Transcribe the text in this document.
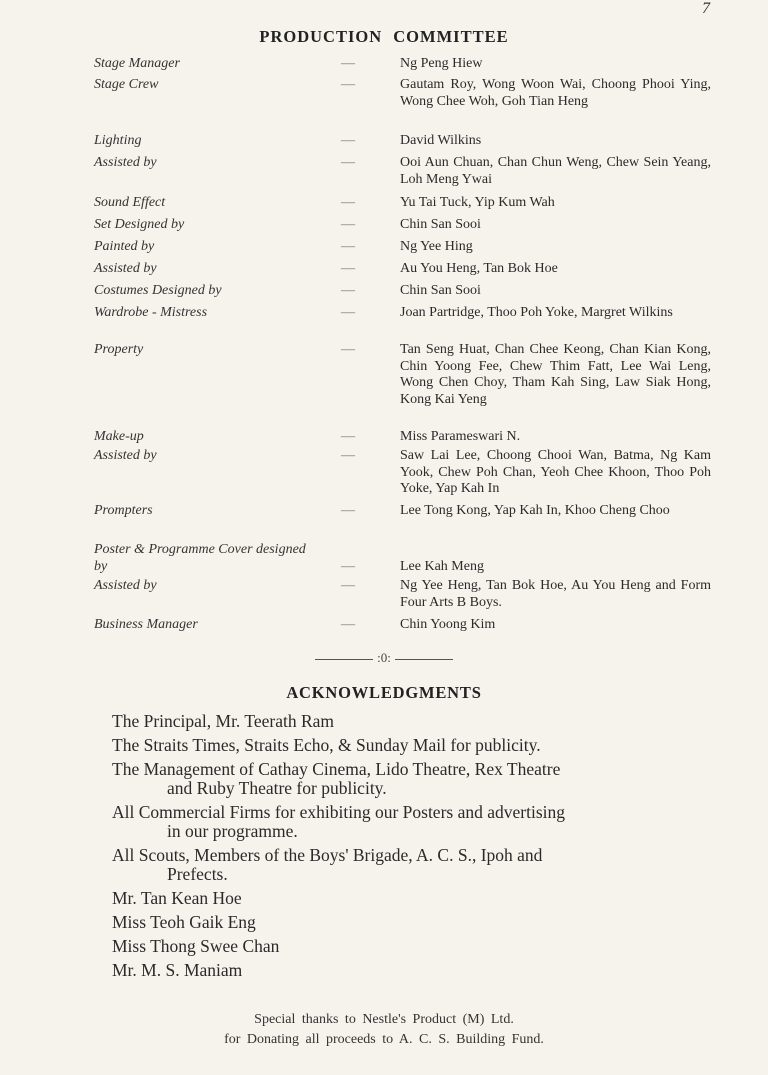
7
PRODUCTION COMMITTEE
Stage Manager	—	Ng Peng Hiew
Stage Crew	—	Gautam Roy, Wong Woon Wai, Choong Phooi Ying, Wong Chee Woh, Goh Tian Heng
Lighting	—	David Wilkins
Assisted by	—	Ooi Aun Chuan, Chan Chun Weng, Chew Sein Yeang, Loh Meng Ywai
Sound Effect	—	Yu Tai Tuck, Yip Kum Wah
Set Designed by	—	Chin San Sooi
Painted by	—	Ng Yee Hing
Assisted by	—	Au You Heng, Tan Bok Hoe
Costumes Designed by	—	Chin San Sooi
Wardrobe - Mistress	—	Joan Partridge, Thoo Poh Yoke, Margret Wilkins
Property	—	Tan Seng Huat, Chan Chee Keong, Chan Kian Kong, Chin Yoong Fee, Chew Thim Fatt, Lee Wai Leng, Wong Chen Choy, Tham Kah Sing, Law Siak Hong, Kong Kai Yeng
Make-up	—	Miss Parameswari N.
Assisted by	—	Saw Lai Lee, Choong Chooi Wan, Batma, Ng Kam Yook, Chew Poh Chan, Yeoh Chee Khoon, Thoo Poh Yoke, Yap Kah In
Prompters	—	Lee Tong Kong, Yap Kah In, Khoo Cheng Choo
Poster & Programme Cover designed by	—	Lee Kah Meng
Assisted by	—	Ng Yee Heng, Tan Bok Hoe, Au You Heng and Form Four Arts B Boys.
Business Manager	—	Chin Yoong Kim
:0:
ACKNOWLEDGMENTS
The Principal, Mr. Teerath Ram
The Straits Times, Straits Echo, & Sunday Mail for publicity.
The Management of Cathay Cinema, Lido Theatre, Rex Theatre
and Ruby Theatre for publicity.
All Commercial Firms for exhibiting our Posters and advertising
in our programme.
All Scouts, Members of the Boys' Brigade, A. C. S., Ipoh and
Prefects.
Mr. Tan Kean Hoe
Miss Teoh Gaik Eng
Miss Thong Swee Chan
Mr. M. S. Maniam
Special thanks to Nestle's Product (M) Ltd.
for Donating all proceeds to A. C. S. Building Fund.
